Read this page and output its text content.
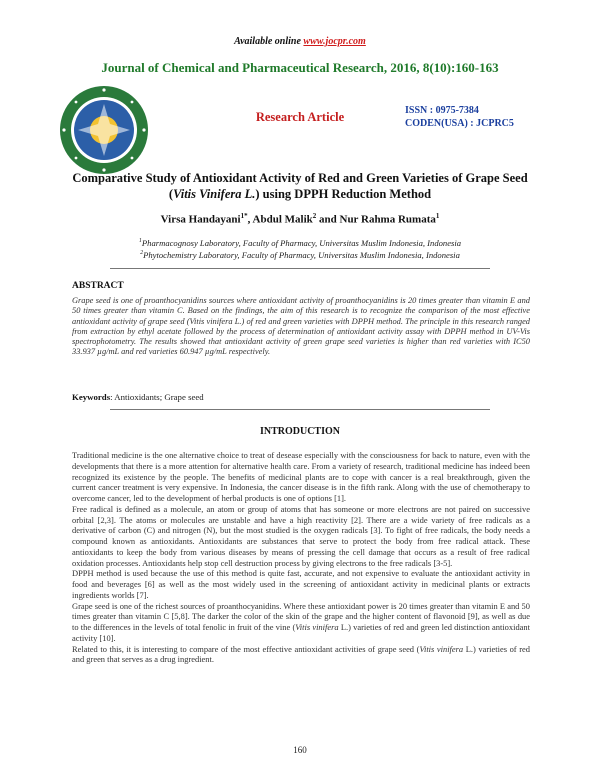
Available online www.jocpr.com
Journal of Chemical and Pharmaceutical Research, 2016, 8(10):160-163
Research Article	ISSN : 0975-7384
CODEN(USA) : JCPRC5
Comparative Study of Antioxidant Activity of Red and Green Varieties of Grape Seed (Vitis Vinifera L.) using DPPH Reduction Method
Virsa Handayani$^{1*}$, Abdul Malik$^2$ and Nur Rahma Rumata$^1$
$^1$Pharmacognosy Laboratory, Faculty of Pharmacy, Universitas Muslim Indonesia, Indonesia
$^2$Phytochemistry Laboratory, Faculty of Pharmacy, Universitas Muslim Indonesia, Indonesia
ABSTRACT
Grape seed is one of proanthocyanidins sources where antioxidant activity of proanthocyanidins is 20 times greater than vitamin E and 50 times greater than vitamin C. Based on the findings, the aim of this research is to recognize the comparison of the most effective antioxidant activity of grape seed (Vitis vinifera L.) of red and green varieties with DPPH method. The principle in this research ranged from extraction by ethyl acetate followed by the process of determination of antioxidant activity assay with DPPH method in UV-Vis spectrophotometry. The results showed that antioxidant activity of green grape seed varieties is higher than red varieties with IC50 33.937 µg/mL and red varieties 60.947 µg/mL respectively.
Keywords: Antioxidants; Grape seed
INTRODUCTION

Traditional medicine is the one alternative choice to treat of desease especially with the consciousness for back to nature, even with the developments that there is a more attention for alternative health care. From a variety of research, traditional medicine has indeed been recognized its existence by the people. The benefits of medicinal plants are to cope with cancer is a real breakthrough, given the current cancer treatment is very expensive. In Indonesia, the cancer disease is in the fifth rank. Along with the use of chemotherapy to overcome cancer, led to the development of herbal products is one of options [1].

Free radical is defined as a molecule, an atom or group of atoms that has someone or more electrons are not paired on successive orbital [2,3]. The atoms or molecules are unstable and have a high reactivity [2]. There are a wide variety of free radicals as a derivative of carbon (C) and nitrogen (N), but the most studied is the oxygen radicals [3]. To fight of free radicals, the body needs a compound known as antioxidants. Antioxidants are substances that serve to protect the body from free radical attack. These antioxidants to keep the body from various diseases by means of pressing the cell damage that occurs as a result of free radical oxidation processes. Antioxidants help stop cell destruction process by giving electrons to the free radicals [3-5].

DPPH method is used because the use of this method is quite fast, accurate, and not expensive to evaluate the antioxidant activity in food and beverages [6] as well as the most widely used in the screening of antioxidant activity in medicinal plants or extracts ingredients worlds [7].

Grape seed is one of the richest sources of proanthocyanidins. Where these antioxidant power is 20 times greater than vitamin E and 50 times greater than vitamin C [5,8]. The darker the color of the skin of the grape and the higher content of flavonoid [9], as well as due to the differences in the levels of total fenolic in fruit of the vine (Vitis vinifera L.) varieties of red and green led distinction antioxidant activity [10].

Related to this, it is interesting to compare of the most effective antioxidant activities of grape seed (Vitis vinifera L.) varieties of red and green that serves as a drug ingredient.

160
